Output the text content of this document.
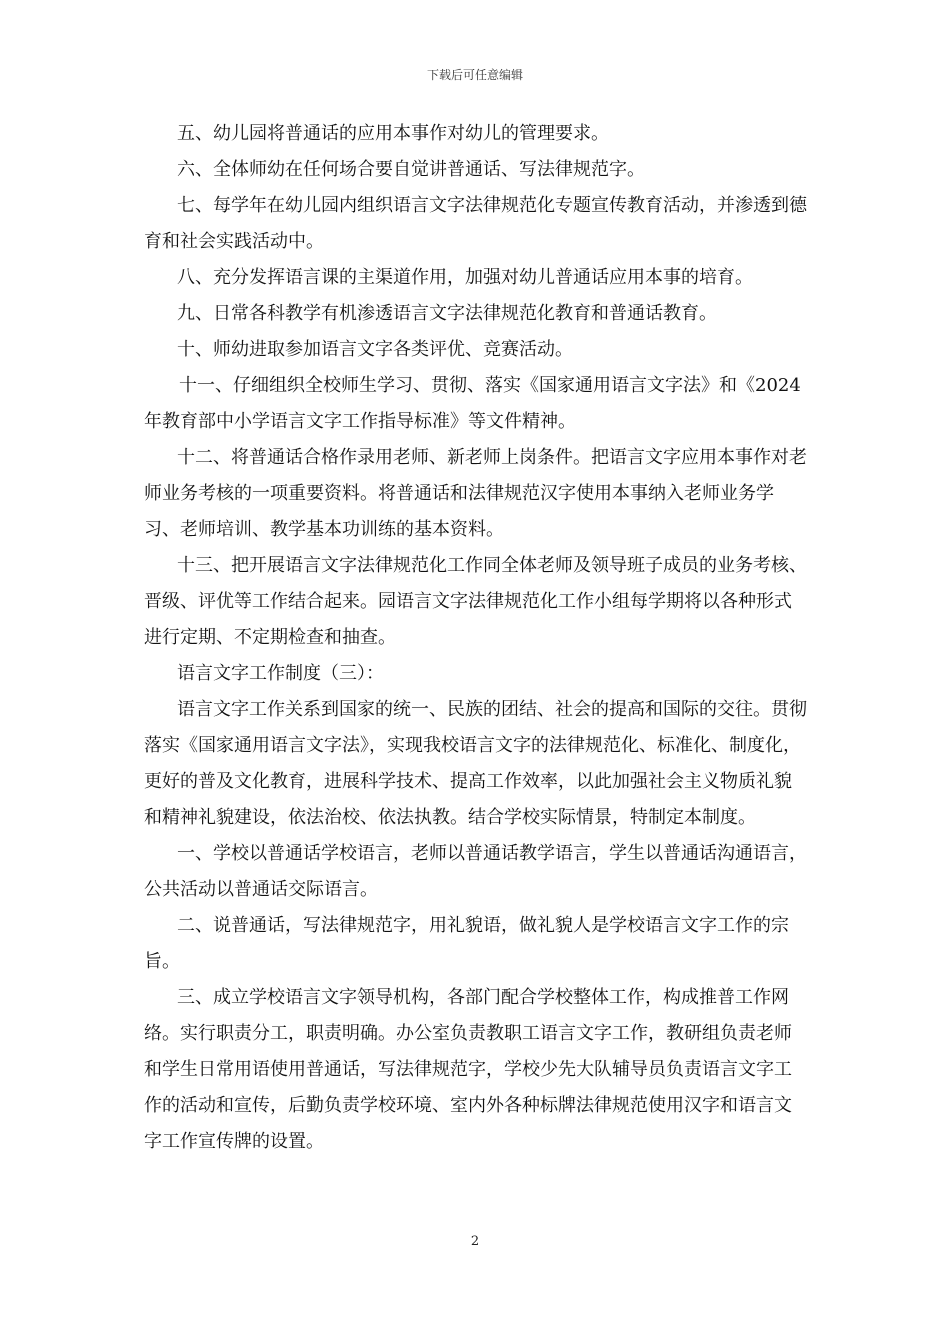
下载后可任意编辑

五、幼儿园将普通话的应用本事作对幼儿的管理要求。

六、全体师幼在任何场合要自觉讲普通话、写法律规范字。

七、每学年在幼儿园内组织语言文字法律规范化专题宣传教育活动，并渗透到德育和社会实践活动中。

八、充分发挥语言课的主渠道作用，加强对幼儿普通话应用本事的培育。

九、日常各科教学有机渗透语言文字法律规范化教育和普通话教育。

十、师幼进取参加语言文字各类评优、竞赛活动。

十一、仔细组织全校师生学习、贯彻、落实《国家通用语言文字法》和《2024年教育部中小学语言文字工作指导标准》等文件精神。

十二、将普通话合格作录用老师、新老师上岗条件。把语言文字应用本事作对老师业务考核的一项重要资料。将普通话和法律规范汉字使用本事纳入老师业务学习、老师培训、教学基本功训练的基本资料。

十三、把开展语言文字法律规范化工作同全体老师及领导班子成员的业务考核、晋级、评优等工作结合起来。园语言文字法律规范化工作小组每学期将以各种形式进行定期、不定期检查和抽查。

语言文字工作制度（三）：

语言文字工作关系到国家的统一、民族的团结、社会的提高和国际的交往。贯彻落实《国家通用语言文字法》，实现我校语言文字的法律规范化、标准化、制度化，更好的普及文化教育，进展科学技术、提高工作效率，以此加强社会主义物质礼貌和精神礼貌建设，依法治校、依法执教。结合学校实际情景，特制定本制度。

一、学校以普通话学校语言，老师以普通话教学语言，学生以普通话沟通语言，公共活动以普通话交际语言。

二、说普通话，写法律规范字，用礼貌语，做礼貌人是学校语言文字工作的宗旨。

三、成立学校语言文字领导机构，各部门配合学校整体工作，构成推普工作网络。实行职责分工，职责明确。办公室负责教职工语言文字工作，教研组负责老师和学生日常用语使用普通话，写法律规范字，学校少先大队辅导员负责语言文字工作的活动和宣传，后勤负责学校环境、室内外各种标牌法律规范使用汉字和语言文字工作宣传牌的设置。

2
